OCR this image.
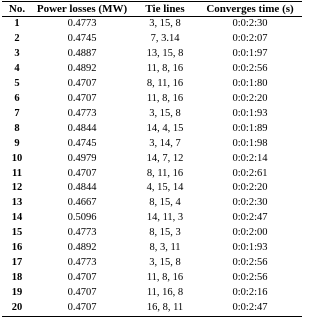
No.	Power losses (MW)	Tie lines	Converges time (s)
1	0.4773	3, 15, 8	0:0:2:30
2	0.4745	7, 3.14	0:0:2:07
3	0.4887	13, 15, 8	0:0:1:97
4	0.4892	11, 8, 16	0:0:2:56
5	0.4707	8, 11, 16	0:0:1:80
6	0.4707	11, 8, 16	0:0:2:20
7	0.4773	3, 15, 8	0:0:1:93
8	0.4844	14, 4, 15	0:0:1:89
9	0.4745	3, 14, 7	0:0:1:98
10	0.4979	14, 7, 12	0:0:2:14
11	0.4707	8, 11, 16	0:0:2:61
12	0.4844	4, 15, 14	0:0:2:20
13	0.4667	8, 15, 4	0:0:2:30
14	0.5096	14, 11, 3	0:0:2:47
15	0.4773	8, 15, 3	0:0:2:00
16	0.4892	8, 3, 11	0:0:1:93
17	0.4773	3, 15, 8	0:0:2:56
18	0.4707	11, 8, 16	0:0:2:56
19	0.4707	11, 16, 8	0:0:2:16
20	0.4707	16, 8, 11	0:0:2:47
